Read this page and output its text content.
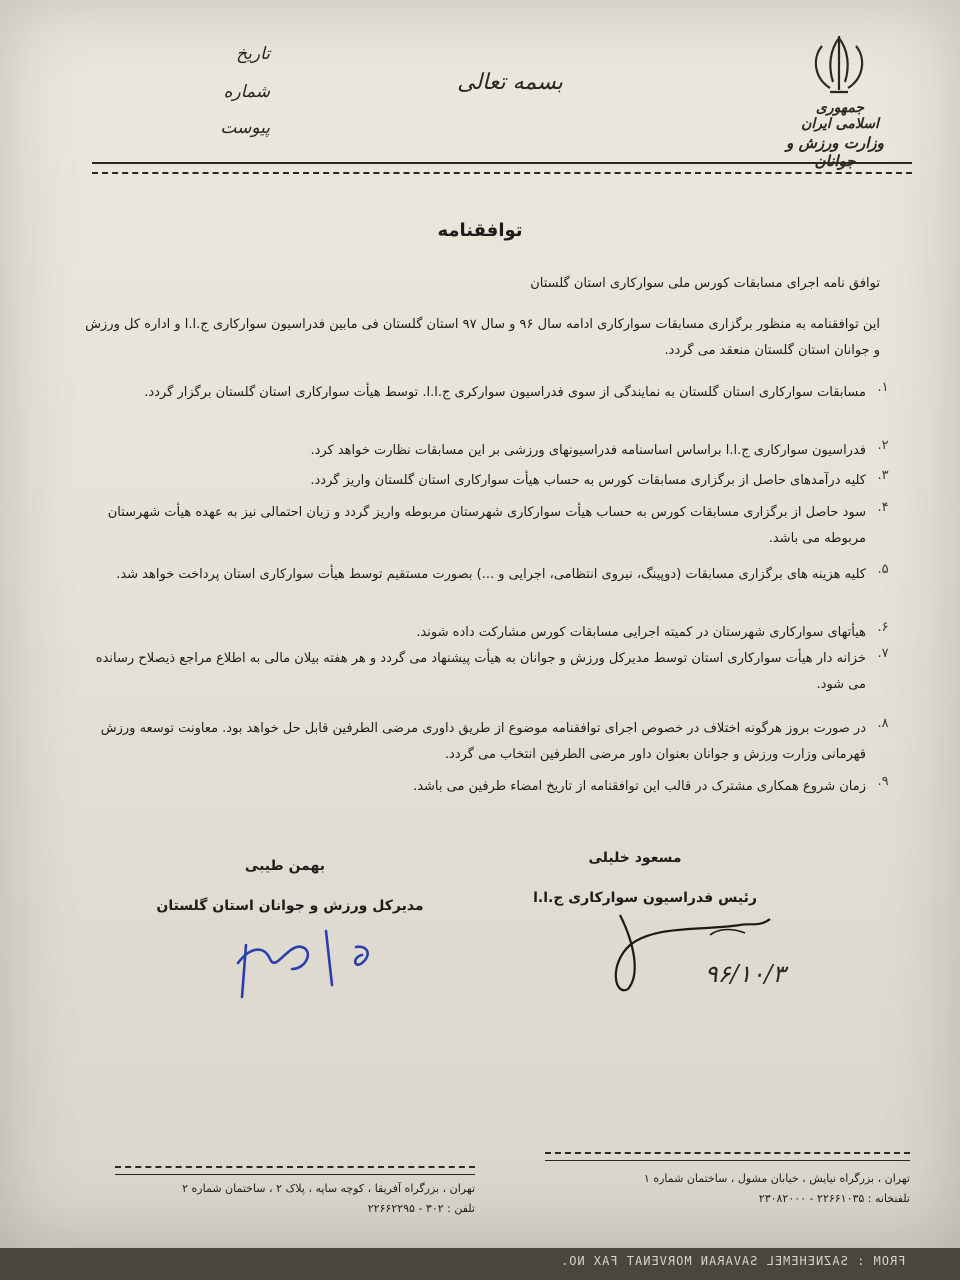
جمهوری اسلامی ایران
وزارت ورزش و جوانان
بسمه تعالی
تاریخ
شماره
پیوست
توافقنامه
توافق نامه اجرای مسابقات کورس ملی سوارکاری استان گلستان
این توافقنامه به منظور برگزاری مسابقات سوارکاری ادامه سال ۹۶ و سال ۹۷ استان گلستان فی مابین فدراسیون سوارکاری ج.ا.ا و اداره کل ورزش و جوانان استان گلستان منعقد می گردد.
۱.
مسابقات سوارکاری استان گلستان به نمایندگی از سوی فدراسیون سوارکری ج.ا.ا. توسط هیأت سوارکاری استان گلستان برگزار گردد.
۲.
فدراسیون سوارکاری ج.ا.ا براساس اساسنامه فدراسیونهای ورزشی بر این مسابقات نظارت خواهد کرد.
۳.
کلیه درآمدهای حاصل از برگزاری مسابقات کورس به حساب هیأت سوارکاری استان گلستان واریز گردد.
۴.
سود حاصل از برگزاری مسابقات کورس به حساب هیأت سوارکاری شهرستان مربوطه واریز گردد و زیان احتمالی نیز به عهده هیأت شهرستان مربوطه می باشد.
۵.
کلیه هزینه های برگزاری مسابقات (دوپینگ، نیروی انتظامی، اجرایی و ...) بصورت مستقیم توسط هیأت سوارکاری استان پرداخت خواهد شد.
۶.
هیأتهای سوارکاری شهرستان در کمیته اجرایی مسابقات کورس مشارکت داده شوند.
۷.
خزانه دار هیأت سوارکاری استان توسط مدیرکل ورزش و جوانان به هیأت پیشنهاد می گردد و هر هفته بیلان مالی به اطلاع مراجع ذیصلاح رسانده می شود.
۸.
در صورت بروز هرگونه اختلاف در خصوص اجرای توافقنامه موضوع از طریق داوری مرضی الطرفین قابل حل خواهد بود. معاونت توسعه ورزش قهرمانی وزارت ورزش و جوانان بعنوان داور مرضی الطرفین انتخاب می گردد.
۹.
زمان شروع همکاری مشترک در قالب این توافقنامه از تاریخ امضاء طرفین می باشد.
مسعود خلیلی
رئیس فدراسیون سوارکاری ج.ا.ا
بهمن طیبی
مدیرکل ورزش و جوانان استان گلستان
۹۶/۱۰/۳
تهران ، بزرگراه نیایش ، خیابان مشول ، ساختمان شماره ۱
تلفنخانه : ۲۲۶۶۱۰۳۵ - ۲۳۰۸۲۰۰۰
تهران ، بزرگراه آفریقا ، کوچه ساپه ، پلاک ۲ ، ساختمان شماره ۲
تلفن : ۳۰۲ - ۲۲۶۶۲۲۹۵
FROM : SAZNEHEMEL SAVARAN MORVENAT FAX NO.
